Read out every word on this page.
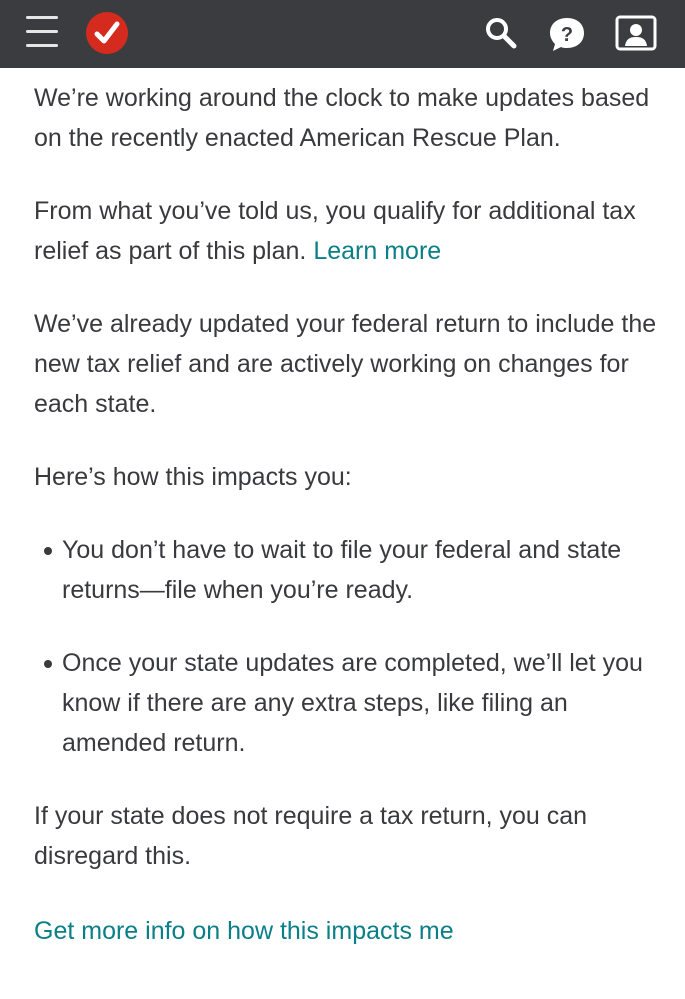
?

We’re working around the clock to make updates based on the recently enacted American Rescue Plan.

From what you’ve told us, you qualify for additional tax relief as part of this plan. Learn more

We’ve already updated your federal return to include the new tax relief and are actively working on changes for each state.

Here’s how this impacts you:

You don’t have to wait to file your federal and state returns—file when you’re ready.
Once your state updates are completed, we’ll let you know if there are any extra steps, like filing an amended return.

If your state does not require a tax return, you can disregard this.

Get more info on how this impacts me
